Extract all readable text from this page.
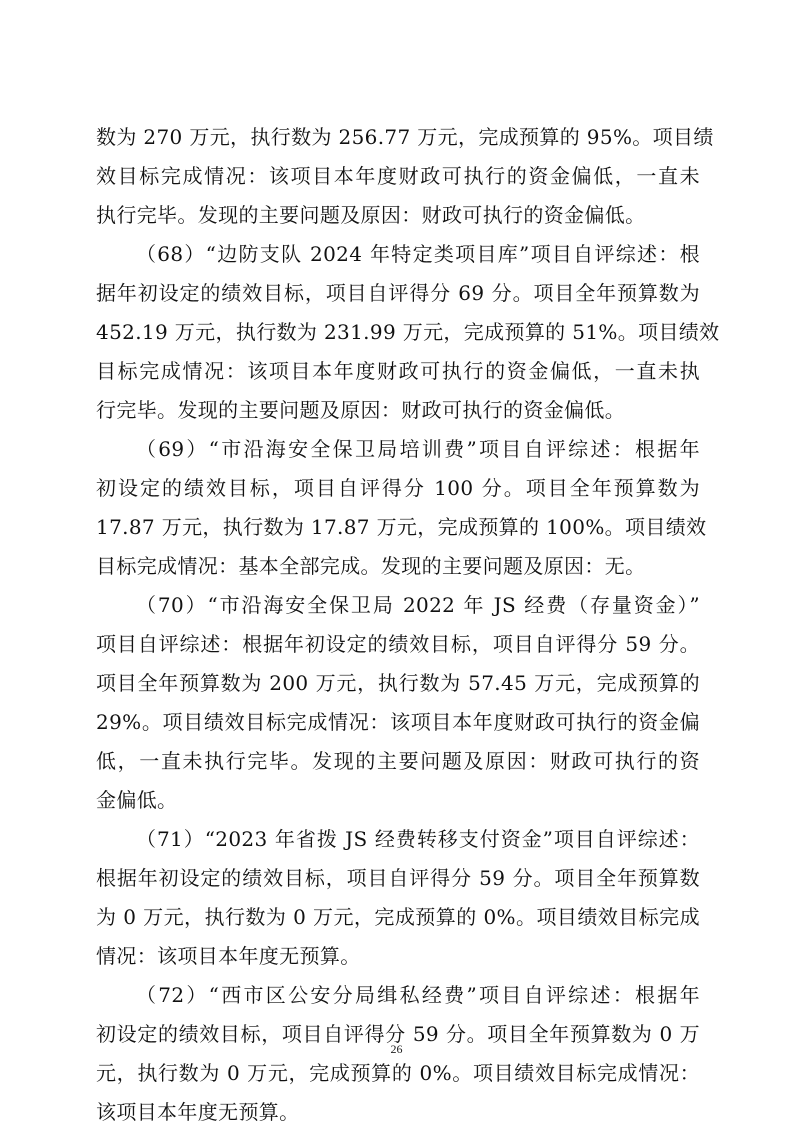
数为 270 万元，执行数为 256.77 万元，完成预算的 95%。项目绩
效目标完成情况：该项目本年度财政可执行的资金偏低，一直未
执行完毕。发现的主要问题及原因：财政可执行的资金偏低。
（68）“边防支队 2024 年特定类项目库”项目自评综述：根
据年初设定的绩效目标，项目自评得分 69 分。项目全年预算数为
452.19 万元，执行数为 231.99 万元，完成预算的 51%。项目绩效
目标完成情况：该项目本年度财政可执行的资金偏低，一直未执
行完毕。发现的主要问题及原因：财政可执行的资金偏低。
（69）“市沿海安全保卫局培训费”项目自评综述：根据年
初设定的绩效目标，项目自评得分 100 分。项目全年预算数为
17.87 万元，执行数为 17.87 万元，完成预算的 100%。项目绩效
目标完成情况：基本全部完成。发现的主要问题及原因：无。
（70）“市沿海安全保卫局 2022 年 JS 经费（存量资金）”
项目自评综述：根据年初设定的绩效目标，项目自评得分 59 分。
项目全年预算数为 200 万元，执行数为 57.45 万元，完成预算的
29%。项目绩效目标完成情况：该项目本年度财政可执行的资金偏
低，一直未执行完毕。发现的主要问题及原因：财政可执行的资
金偏低。
（71）“2023 年省拨 JS 经费转移支付资金”项目自评综述：
根据年初设定的绩效目标，项目自评得分 59 分。项目全年预算数
为 0 万元，执行数为 0 万元，完成预算的 0%。项目绩效目标完成
情况：该项目本年度无预算。
（72）“西市区公安分局缉私经费”项目自评综述：根据年
初设定的绩效目标，项目自评得分 59 分。项目全年预算数为 0 万
元，执行数为 0 万元，完成预算的 0%。项目绩效目标完成情况：
该项目本年度无预算。
26
